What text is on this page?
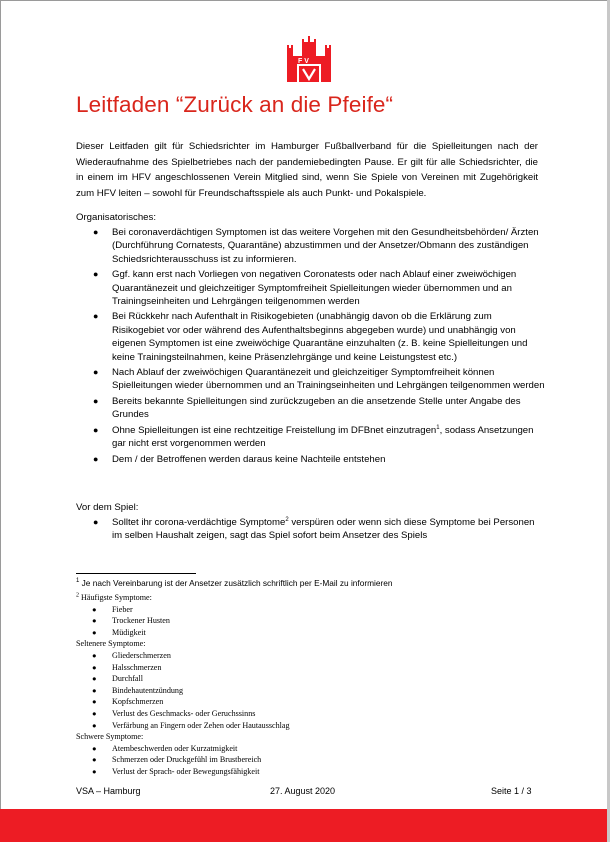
F V
Leitfaden “Zurück an die Pfeife“
Dieser Leitfaden gilt für Schiedsrichter im Hamburger Fußballverband für die Spielleitungen nach der Wiederaufnahme des Spielbetriebes nach der pandemiebedingten Pause. Er gilt für alle Schiedsrichter, die in einem im HFV angeschlossenen Verein Mitglied sind, wenn Sie Spiele von Vereinen mit Zugehörigkeit zum HFV leiten – sowohl für Freundschaftsspiele als auch Punkt- und Pokalspiele.
Organisatorisches:
● Bei coronaverdächtigen Symptomen ist das weitere Vorgehen mit den Gesundheitsbehörden/ Ärzten (Durchführung Cornatests, Quarantäne) abzustimmen und der Ansetzer/Obmann des zuständigen Schiedsrichterausschuss ist zu informieren.
● Ggf. kann erst nach Vorliegen von negativen Coronatests oder nach Ablauf einer zweiwöchigen Quarantänezeit und gleichzeitiger Symptomfreiheit Spielleitungen wieder übernommen und an Trainingseinheiten und Lehrgängen teilgenommen werden
● Bei Rückkehr nach Aufenthalt in Risikogebieten (unabhängig davon ob die Erklärung zum Risikogebiet vor oder während des Aufenthaltsbeginns abgegeben wurde) und unabhängig von eigenen Symptomen ist eine zweiwöchige Quarantäne einzuhalten (z. B. keine Spielleitungen und keine Trainingsteilnahmen, keine Präsenzlehrgänge und keine Leistungstest etc.)
● Nach Ablauf der zweiwöchigen Quarantänezeit und gleichzeitiger Symptomfreiheit können Spielleitungen wieder übernommen und an Trainingseinheiten und Lehrgängen teilgenommen werden
● Bereits bekannte Spielleitungen sind zurückzugeben an die ansetzende Stelle unter Angabe des Grundes
● Ohne Spielleitungen ist eine rechtzeitige Freistellung im DFBnet einzutragen$^1$, sodass Ansetzungen gar nicht erst vorgenommen werden
● Dem / der Betroffenen werden daraus keine Nachteile entstehen
Vor dem Spiel:
● Solltet ihr corona-verdächtige Symptome$^2$ verspüren oder wenn sich diese Symptome bei Personen im selben Haushalt zeigen, sagt das Spiel sofort beim Ansetzer des Spiels
$^1$ Je nach Vereinbarung ist der Ansetzer zusätzlich schriftlich per E-Mail zu informieren
$^2$ Häufigste Symptome:
● Fieber
● Trockener Husten
● Müdigkeit
Seltenere Symptome:
● Gliederschmerzen
● Halsschmerzen
● Durchfall
● Bindehautentzündung
● Kopfschmerzen
● Verlust des Geschmacks- oder Geruchssinns
● Verfärbung an Fingern oder Zehen oder Hautausschlag
Schwere Symptome:
● Atembeschwerden oder Kurzatmigkeit
● Schmerzen oder Druckgefühl im Brustbereich
● Verlust der Sprach- oder Bewegungsfähigkeit
VSA – Hamburg	27. August 2020	Seite 1 / 3
